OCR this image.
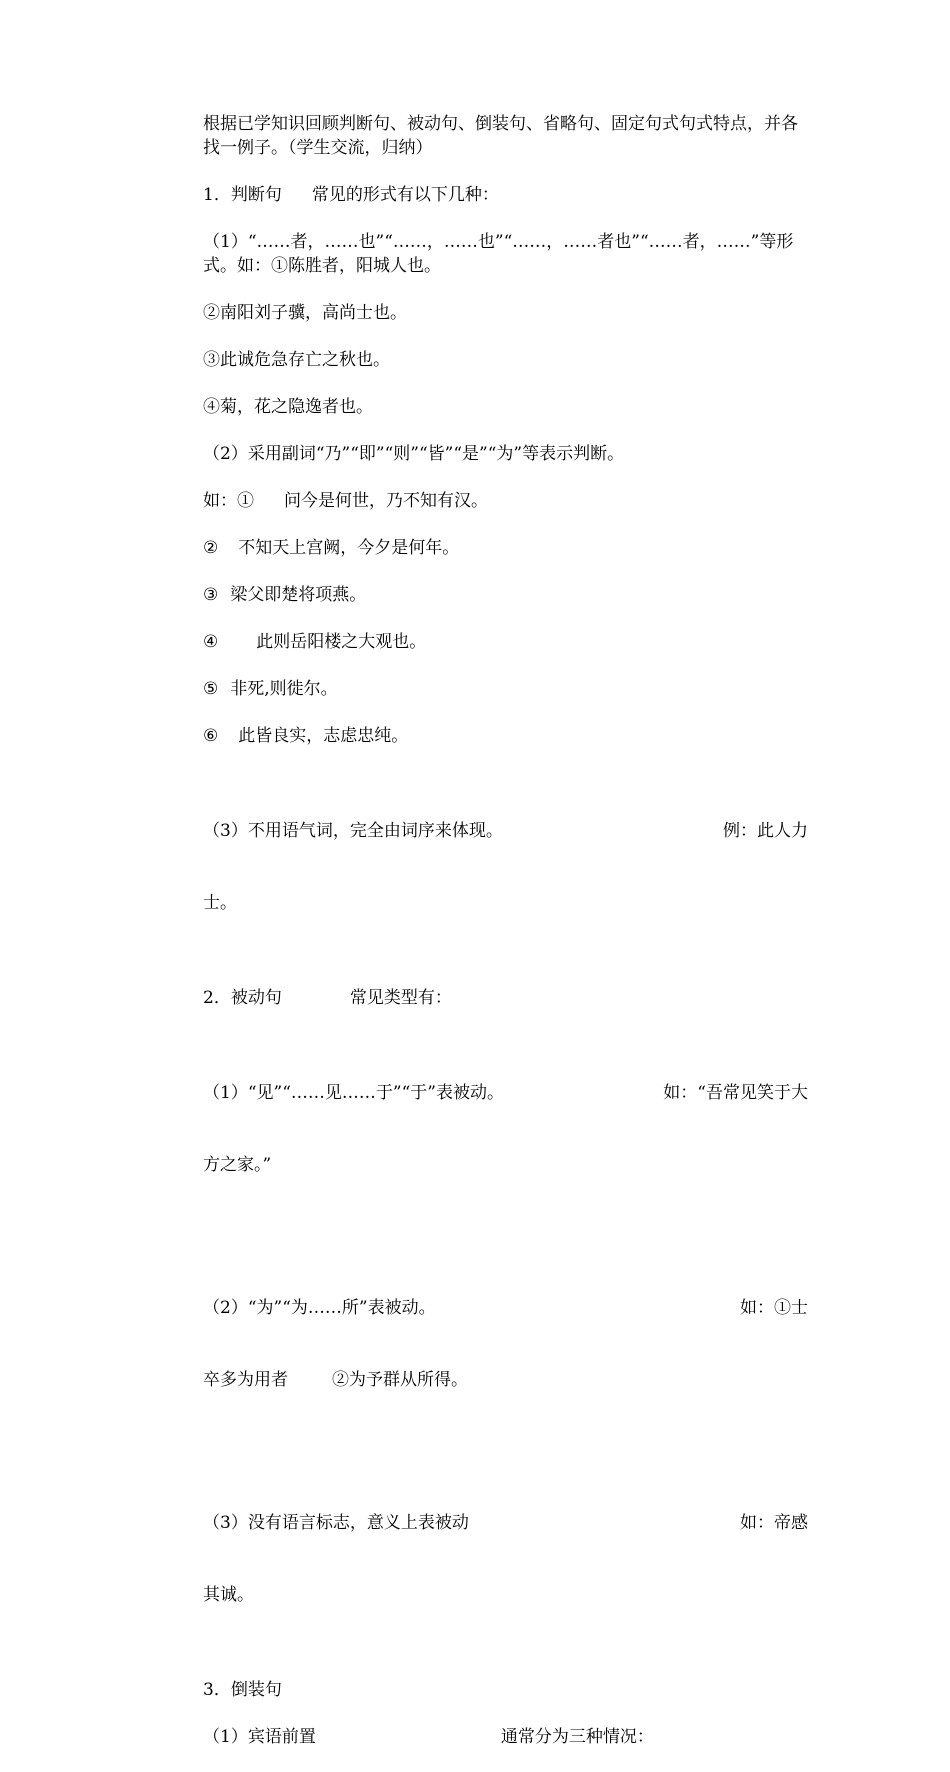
根据已学知识回顾判断句、被动句、倒装句、省略句、固定句式句式特点，并各找一例子。（学生交流，归纳）
1．判断句 常见的形式有以下几种：
（1）“……者，……也”“……，……也”“……，……者也”“……者，……”等形式。如：①陈胜者，阳城人也。
②南阳刘子骥，高尚士也。
③此诚危急存亡之秋也。
④菊，花之隐逸者也。
（2）采用副词“乃”“即”“则”“皆”“是”“为”等表示判断。
如：① 问今是何世，乃不知有汉。
② 不知天上宫阙，今夕是何年。
③ 梁父即楚将项燕。
④ 此则岳阳楼之大观也。
⑤ 非死,则徙尔。
⑥ 此皆良实，志虑忠纯。

（3）不用语气词，完全由词序来体现。	例：此人力

士。

2．被动句	常见类型有：

（1）“见”“……见……于”“于”表被动。	如：“吾常见笑于大

方之家。”

（2）“为”“为……所”表被动。	如：①士

卒多为用者	②为予群从所得。

（3）没有语言标志，意义上表被动	如：帝感

其诚。

3．倒装句
（1）宾语前置	通常分为三种情况：
